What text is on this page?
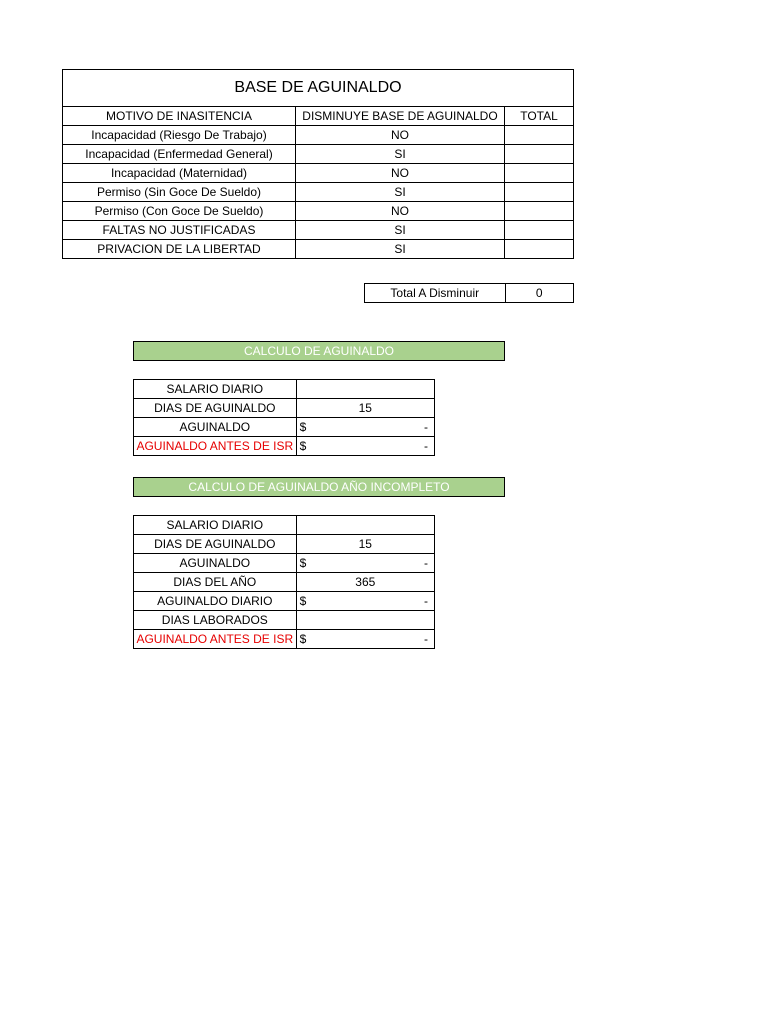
BASE DE AGUINALDO		
MOTIVO DE INASITENCIA	DISMINUYE BASE DE AGUINALDO	TOTAL
Incapacidad (Riesgo De Trabajo)	NO	
Incapacidad (Enfermedad General)	SI	
Incapacidad (Maternidad)	NO	
Permiso (Sin Goce De Sueldo)	SI	
Permiso (Con Goce De Sueldo)	NO	
FALTAS NO JUSTIFICADAS	SI	
PRIVACION DE LA LIBERTAD	SI	
Total A Disminuir	0
CALCULO DE AGUINALDO
SALARIO DIARIO	
DIAS DE AGUINALDO	15
AGUINALDO	$ -

AGUINALDO ANTES DE ISR	$ -
CALCULO DE AGUINALDO AÑO INCOMPLETO
SALARIO DIARIO	
DIAS DE AGUINALDO	15
AGUINALDO	$ -

DIAS DEL AÑO	365
AGUINALDO DIARIO	$ -

DIAS LABORADOS	
AGUINALDO ANTES DE ISR	$ -
